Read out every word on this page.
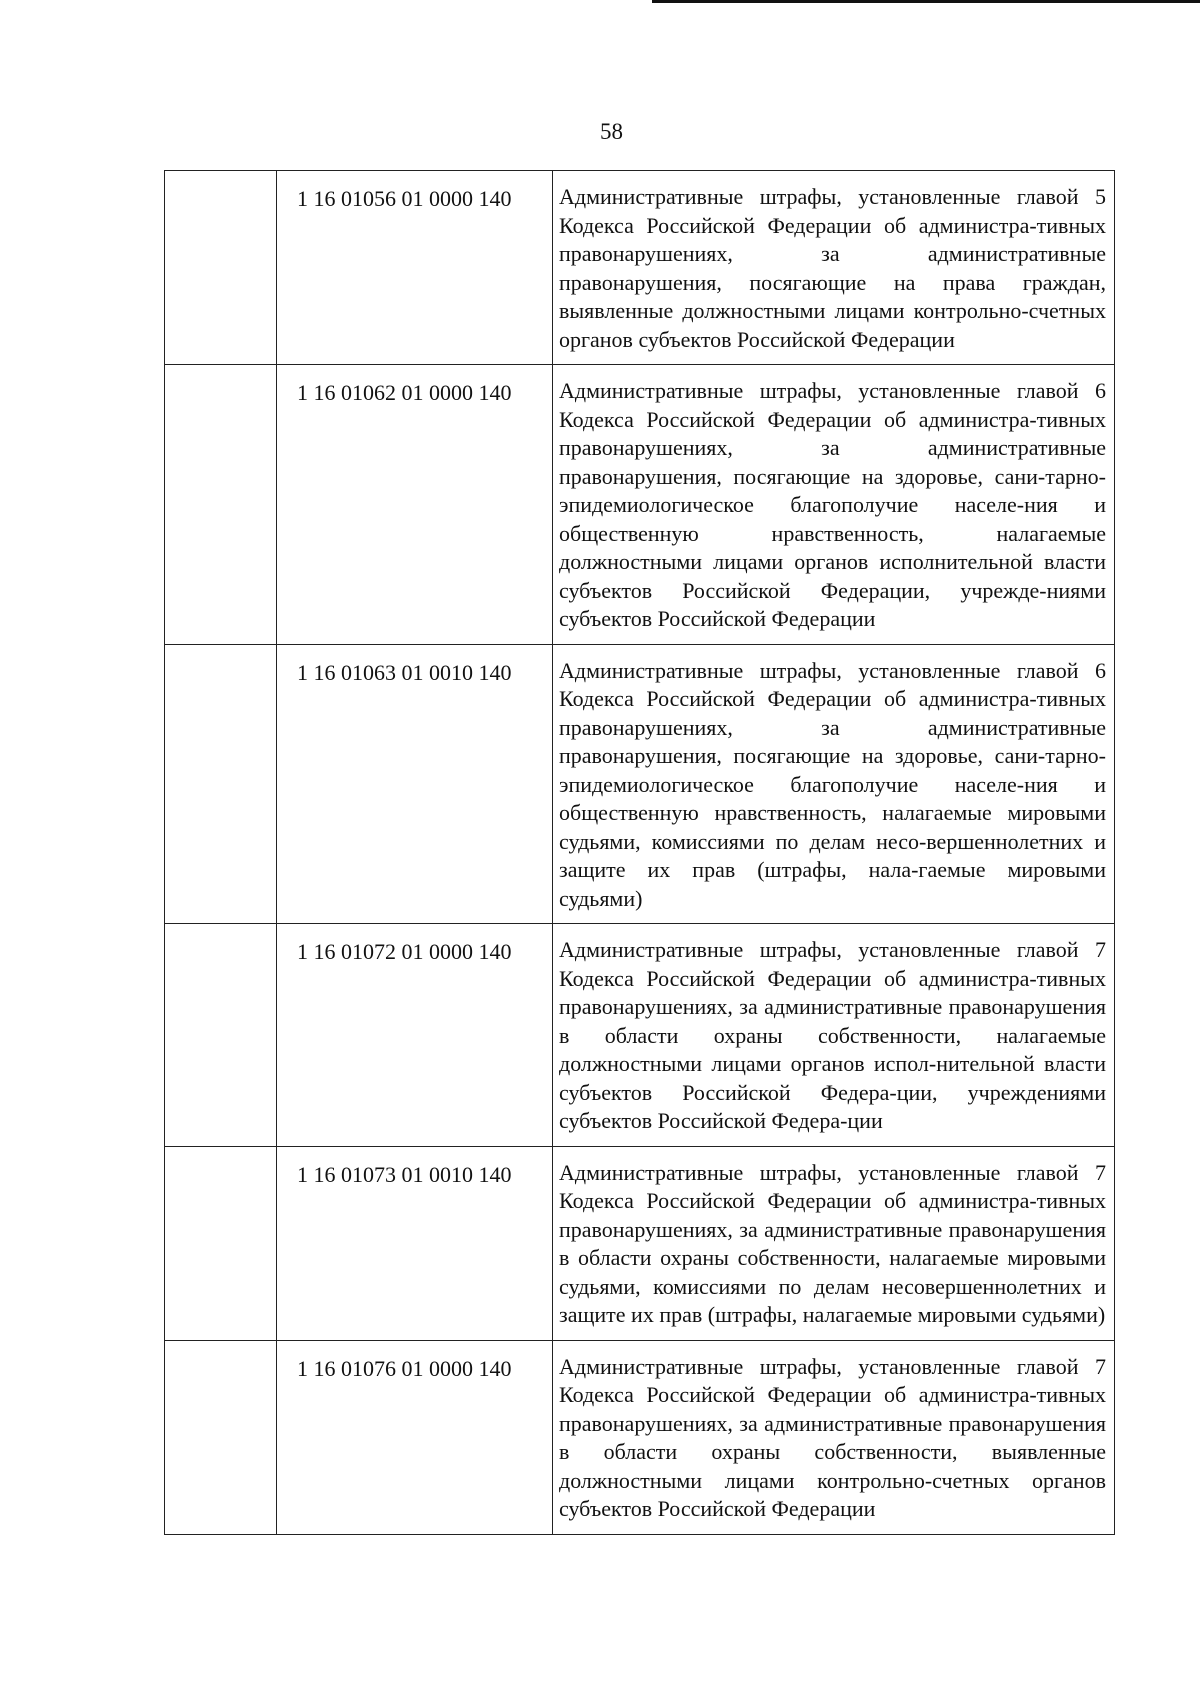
58
	1 16 01056 01 0000 140	Административные штрафы, установленные главой 5 Кодекса Российской Федерации об администра-тивных правонарушениях, за административные правонарушения, посягающие на права граждан, выявленные должностными лицами контрольно-счетных органов субъектов Российской Федерации
	1 16 01062 01 0000 140	Административные штрафы, установленные главой 6 Кодекса Российской Федерации об администра-тивных правонарушениях, за административные правонарушения, посягающие на здоровье, сани-тарно-эпидемиологическое благополучие населе-ния и общественную нравственность, налагаемые должностными лицами органов исполнительной власти субъектов Российской Федерации, учрежде-ниями субъектов Российской Федерации
	1 16 01063 01 0010 140	Административные штрафы, установленные главой 6 Кодекса Российской Федерации об администра-тивных правонарушениях, за административные правонарушения, посягающие на здоровье, сани-тарно-эпидемиологическое благополучие населе-ния и общественную нравственность, налагаемые мировыми судьями, комиссиями по делам несо-вершеннолетних и защите их прав (штрафы, нала-гаемые мировыми судьями)
	1 16 01072 01 0000 140	Административные штрафы, установленные главой 7 Кодекса Российской Федерации об администра-тивных правонарушениях, за административные правонарушения в области охраны собственности, налагаемые должностными лицами органов испол-нительной власти субъектов Российской Федера-ции, учреждениями субъектов Российской Федера-ции
	1 16 01073 01 0010 140	Административные штрафы, установленные главой 7 Кодекса Российской Федерации об администра-тивных правонарушениях, за административные правонарушения в области охраны собственности, налагаемые мировыми судьями, комиссиями по делам несовершеннолетних и защите их прав (штрафы, налагаемые мировыми судьями)
	1 16 01076 01 0000 140	Административные штрафы, установленные главой 7 Кодекса Российской Федерации об администра-тивных правонарушениях, за административные правонарушения в области охраны собственности, выявленные должностными лицами контрольно-счетных органов субъектов Российской Федерации
